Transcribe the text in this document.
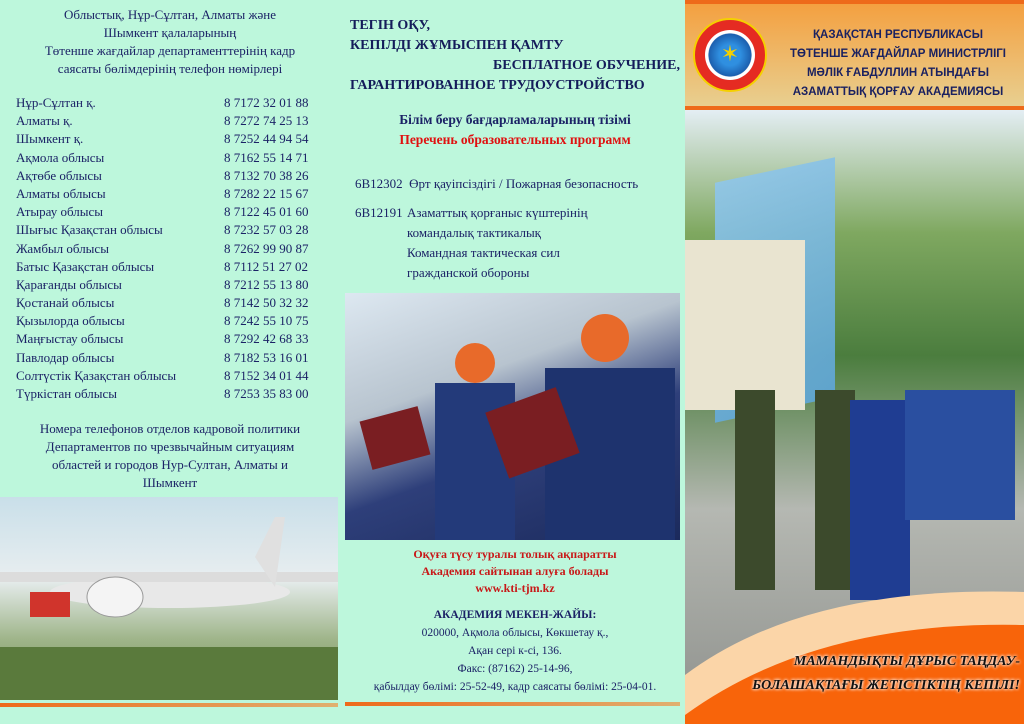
Облыстық, Нұр-Сұлтан, Алматы және
Шымкент қалаларының
Төтенше жағдайлар департаменттерінің кадр
саясаты бөлімдерінің телефон нөмірлері
Нұр-Сұлтан қ.	8 7172 32 01 88
Алматы қ.	8 7272 74 25 13
Шымкент қ.	8 7252 44 94 54
Ақмола облысы	8 7162 55 14 71
Ақтөбе облысы	8 7132 70 38 26
Алматы облысы	8 7282 22 15 67
Атырау облысы	8 7122 45 01 60
Шығыс Қазақстан облысы	8 7232 57 03 28
Жамбыл облысы	8 7262 99 90 87
Батыс Қазақстан облысы	8 7112 51 27 02
Қарағанды облысы	8 7212 55 13 80
Қостанай облысы	8 7142 50 32 32
Қызылорда облысы	8 7242 55 10 75
Маңғыстау облысы	8 7292 42 68 33
Павлодар облысы	8 7182 53 16 01
Солтүстік Қазақстан облысы	8 7152 34 01 44
Түркістан облысы	8 7253 35 83 00
Номера телефонов отделов кадровой политики
Департаментов по чрезвычайным ситуациям
областей и городов Нур-Султан, Алматы и
Шымкент
ТЕГІН ОҚУ,
КЕПІЛДІ ЖҰМЫСПЕН ҚАМТУ
БЕСПЛАТНОЕ ОБУЧЕНИЕ,
ГАРАНТИРОВАННОЕ ТРУДОУСТРОЙСТВО
Білім беру бағдарламаларының тізімі
Перечень образовательных программ
6В12302 Өрт қауіпсіздігі / Пожарная безопасность
6В12191 Азаматтық қорғаныс күштерінің
командалық тактикалық
Командная тактическая сил
гражданской обороны
Оқуға түсу туралы толық ақпаратты
Академия сайтынан алуға болады
www.kti-tjm.kz
АКАДЕМИЯ МЕКЕН-ЖАЙЫ:
020000, Ақмола облысы, Көкшетау қ.,
Ақан сері к-сі, 136.
Факс: (87162) 25-14-96,
қабылдау бөлімі: 25-52-49, кадр саясаты бөлімі: 25-04-01.
МАМАНДЫҚТЫ ДҰРЫС ТАҢДАУ-
БОЛАШАҚТАҒЫ ЖЕТІСТІКТІҢ КЕПІЛІ!
✶
ҚАЗАҚСТАН РЕСПУБЛИКАСЫ
ТӨТЕНШЕ ЖАҒДАЙЛАР МИНИСТРЛІГІ
МӘЛІК ҒАБДУЛЛИН АТЫНДАҒЫ
АЗАМАТТЫҚ ҚОРҒАУ АКАДЕМИЯСЫ
